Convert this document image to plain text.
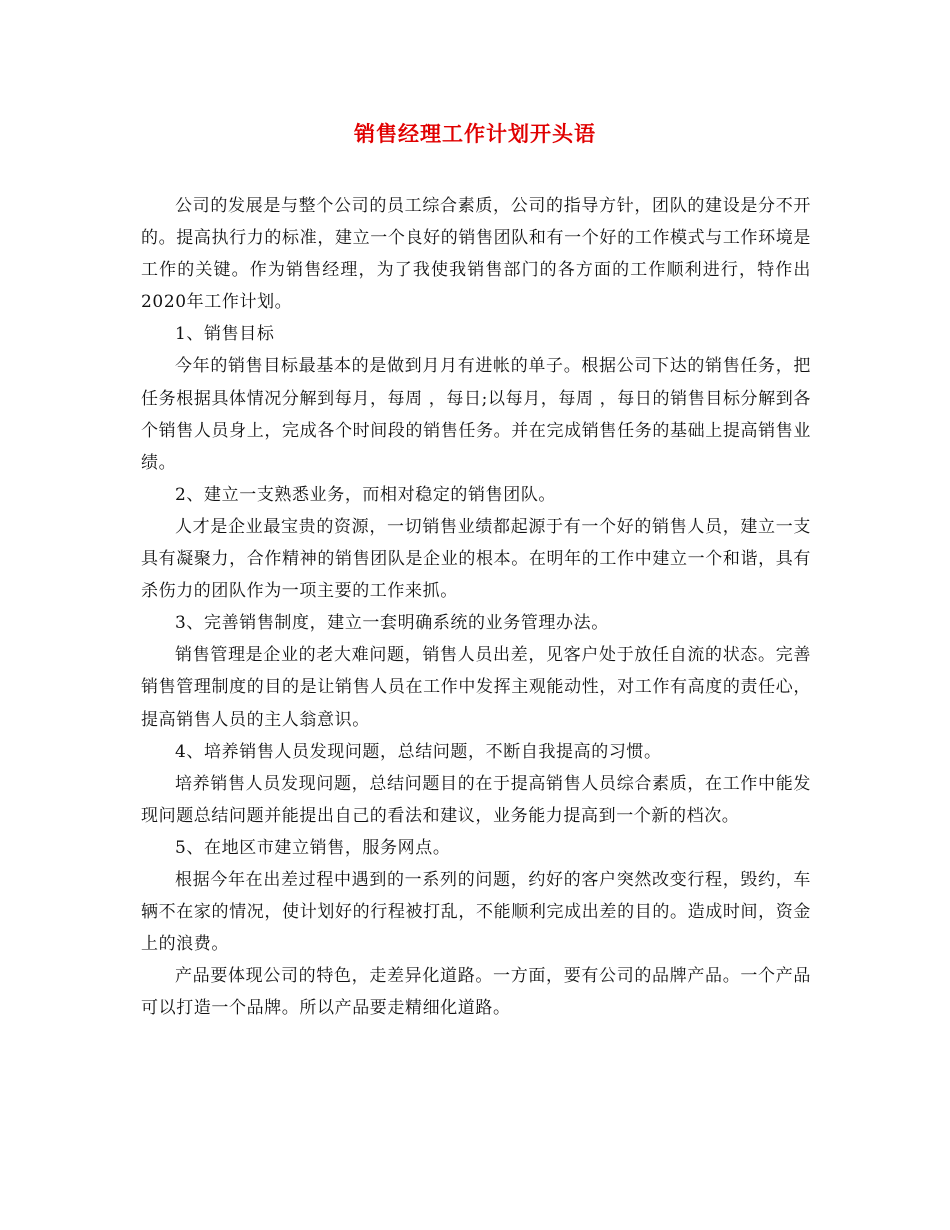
销售经理工作计划开头语

公司的发展是与整个公司的员工综合素质，公司的指导方针，团队的建设是分不开的。提高执行力的标准，建立一个良好的销售团队和有一个好的工作模式与工作环境是工作的关键。作为销售经理，为了我使我销售部门的各方面的工作顺利进行，特作出2020年工作计划。

1、销售目标

今年的销售目标最基本的是做到月月有进帐的单子。根据公司下达的销售任务，把任务根据具体情况分解到每月，每周 ，每日;以每月，每周 ，每日的销售目标分解到各个销售人员身上，完成各个时间段的销售任务。并在完成销售任务的基础上提高销售业绩。

2、建立一支熟悉业务，而相对稳定的销售团队。

人才是企业最宝贵的资源，一切销售业绩都起源于有一个好的销售人员，建立一支具有凝聚力，合作精神的销售团队是企业的根本。在明年的工作中建立一个和谐，具有杀伤力的团队作为一项主要的工作来抓。

3、完善销售制度，建立一套明确系统的业务管理办法。

销售管理是企业的老大难问题，销售人员出差，见客户处于放任自流的状态。完善销售管理制度的目的是让销售人员在工作中发挥主观能动性，对工作有高度的责任心，提高销售人员的主人翁意识。

4、培养销售人员发现问题，总结问题，不断自我提高的习惯。

培养销售人员发现问题，总结问题目的在于提高销售人员综合素质，在工作中能发现问题总结问题并能提出自己的看法和建议，业务能力提高到一个新的档次。

5、在地区市建立销售，服务网点。

根据今年在出差过程中遇到的一系列的问题，约好的客户突然改变行程，毁约，车辆不在家的情况，使计划好的行程被打乱，不能顺利完成出差的目的。造成时间，资金上的浪费。

产品要体现公司的特色，走差异化道路。一方面，要有公司的品牌产品。一个产品可以打造一个品牌。所以产品要走精细化道路。
